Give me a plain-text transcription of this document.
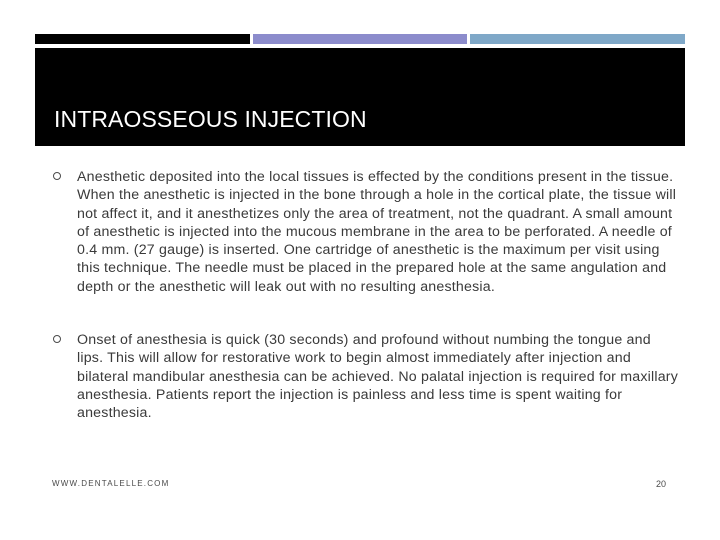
INTRAOSSEOUS INJECTION
Anesthetic deposited into the local tissues is effected by the conditions present in the tissue. When the anesthetic is injected in the bone through a hole in the cortical plate, the tissue will not affect it, and it anesthetizes only the area of treatment, not the quadrant. A small amount of anesthetic is injected into the mucous membrane in the area to be perforated. A needle of 0.4 mm. (27 gauge) is inserted. One cartridge of anesthetic is the maximum per visit using this technique. The needle must be placed in the prepared hole at the same angulation and depth or the anesthetic will leak out with no resulting anesthesia.
Onset of anesthesia is quick (30 seconds) and profound without numbing the tongue and lips. This will allow for restorative work to begin almost immediately after injection and bilateral mandibular anesthesia can be achieved. No palatal injection is required for maxillary anesthesia. Patients report the injection is painless and less time is spent waiting for anesthesia.
WWW.DENTALELLE.COM	20
